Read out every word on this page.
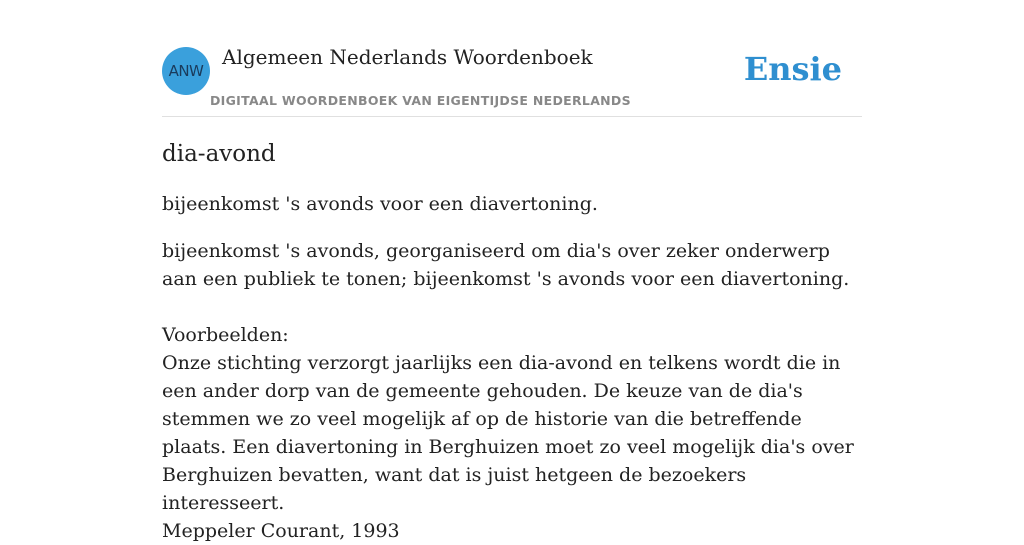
ANW
Algemeen Nederlands Woordenboek
DIGITAAL WOORDENBOEK VAN EIGENTIJDSE NEDERLANDS
Ensie
dia-avond

bijeenkomst 's avonds voor een diavertoning.

bijeenkomst 's avonds, georganiseerd om dia's over zeker onderwerp aan een publiek te tonen; bijeenkomst 's avonds voor een diavertoning.

Voorbeelden:
Onze stichting verzorgt jaarlijks een dia-avond en telkens wordt die in een ander dorp van de gemeente gehouden. De keuze van de dia's stemmen we zo veel mogelijk af op de historie van die betreffende plaats. Een diavertoning in Berghuizen moet zo veel mogelijk dia's over Berghuizen bevatten, want dat is juist hetgeen de bezoekers interesseert.
Meppeler Courant, 1993
